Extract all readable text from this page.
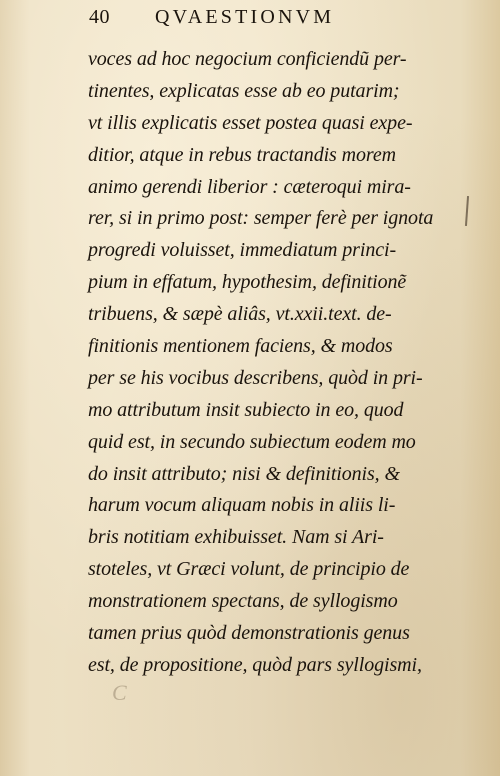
40 QVAESTIONVM
voces ad hoc negocium conficiendũ per-
tinentes, explicatas esse ab eo putarim;
vt illis explicatis esset postea quasi expe-
ditior, atque in rebus tractandis morem
animo gerendi liberior : cæteroqui mira-
rer, si in primo post: semper ferè per ignota
progredi voluisset, immediatum princi-
pium in effatum, hypothesim, definitionẽ
tribuens, & sæpè aliâs, vt.xxii.text. de-
finitionis mentionem faciens, & modos
per se his vocibus describens, quòd in pri-
mo attributum insit subiecto in eo, quod
quid est, in secundo subiectum eodem mo
do insit attributo; nisi & definitionis, &
harum vocum aliquam nobis in aliis li-
bris notitiam exhibuisset. Nam si Ari-
stoteles, vt Græci volunt, de principio de
monstrationem spectans, de syllogismo
tamen prius quòd demonstrationis genus
est, de propositione, quòd pars syllogismi,
C
